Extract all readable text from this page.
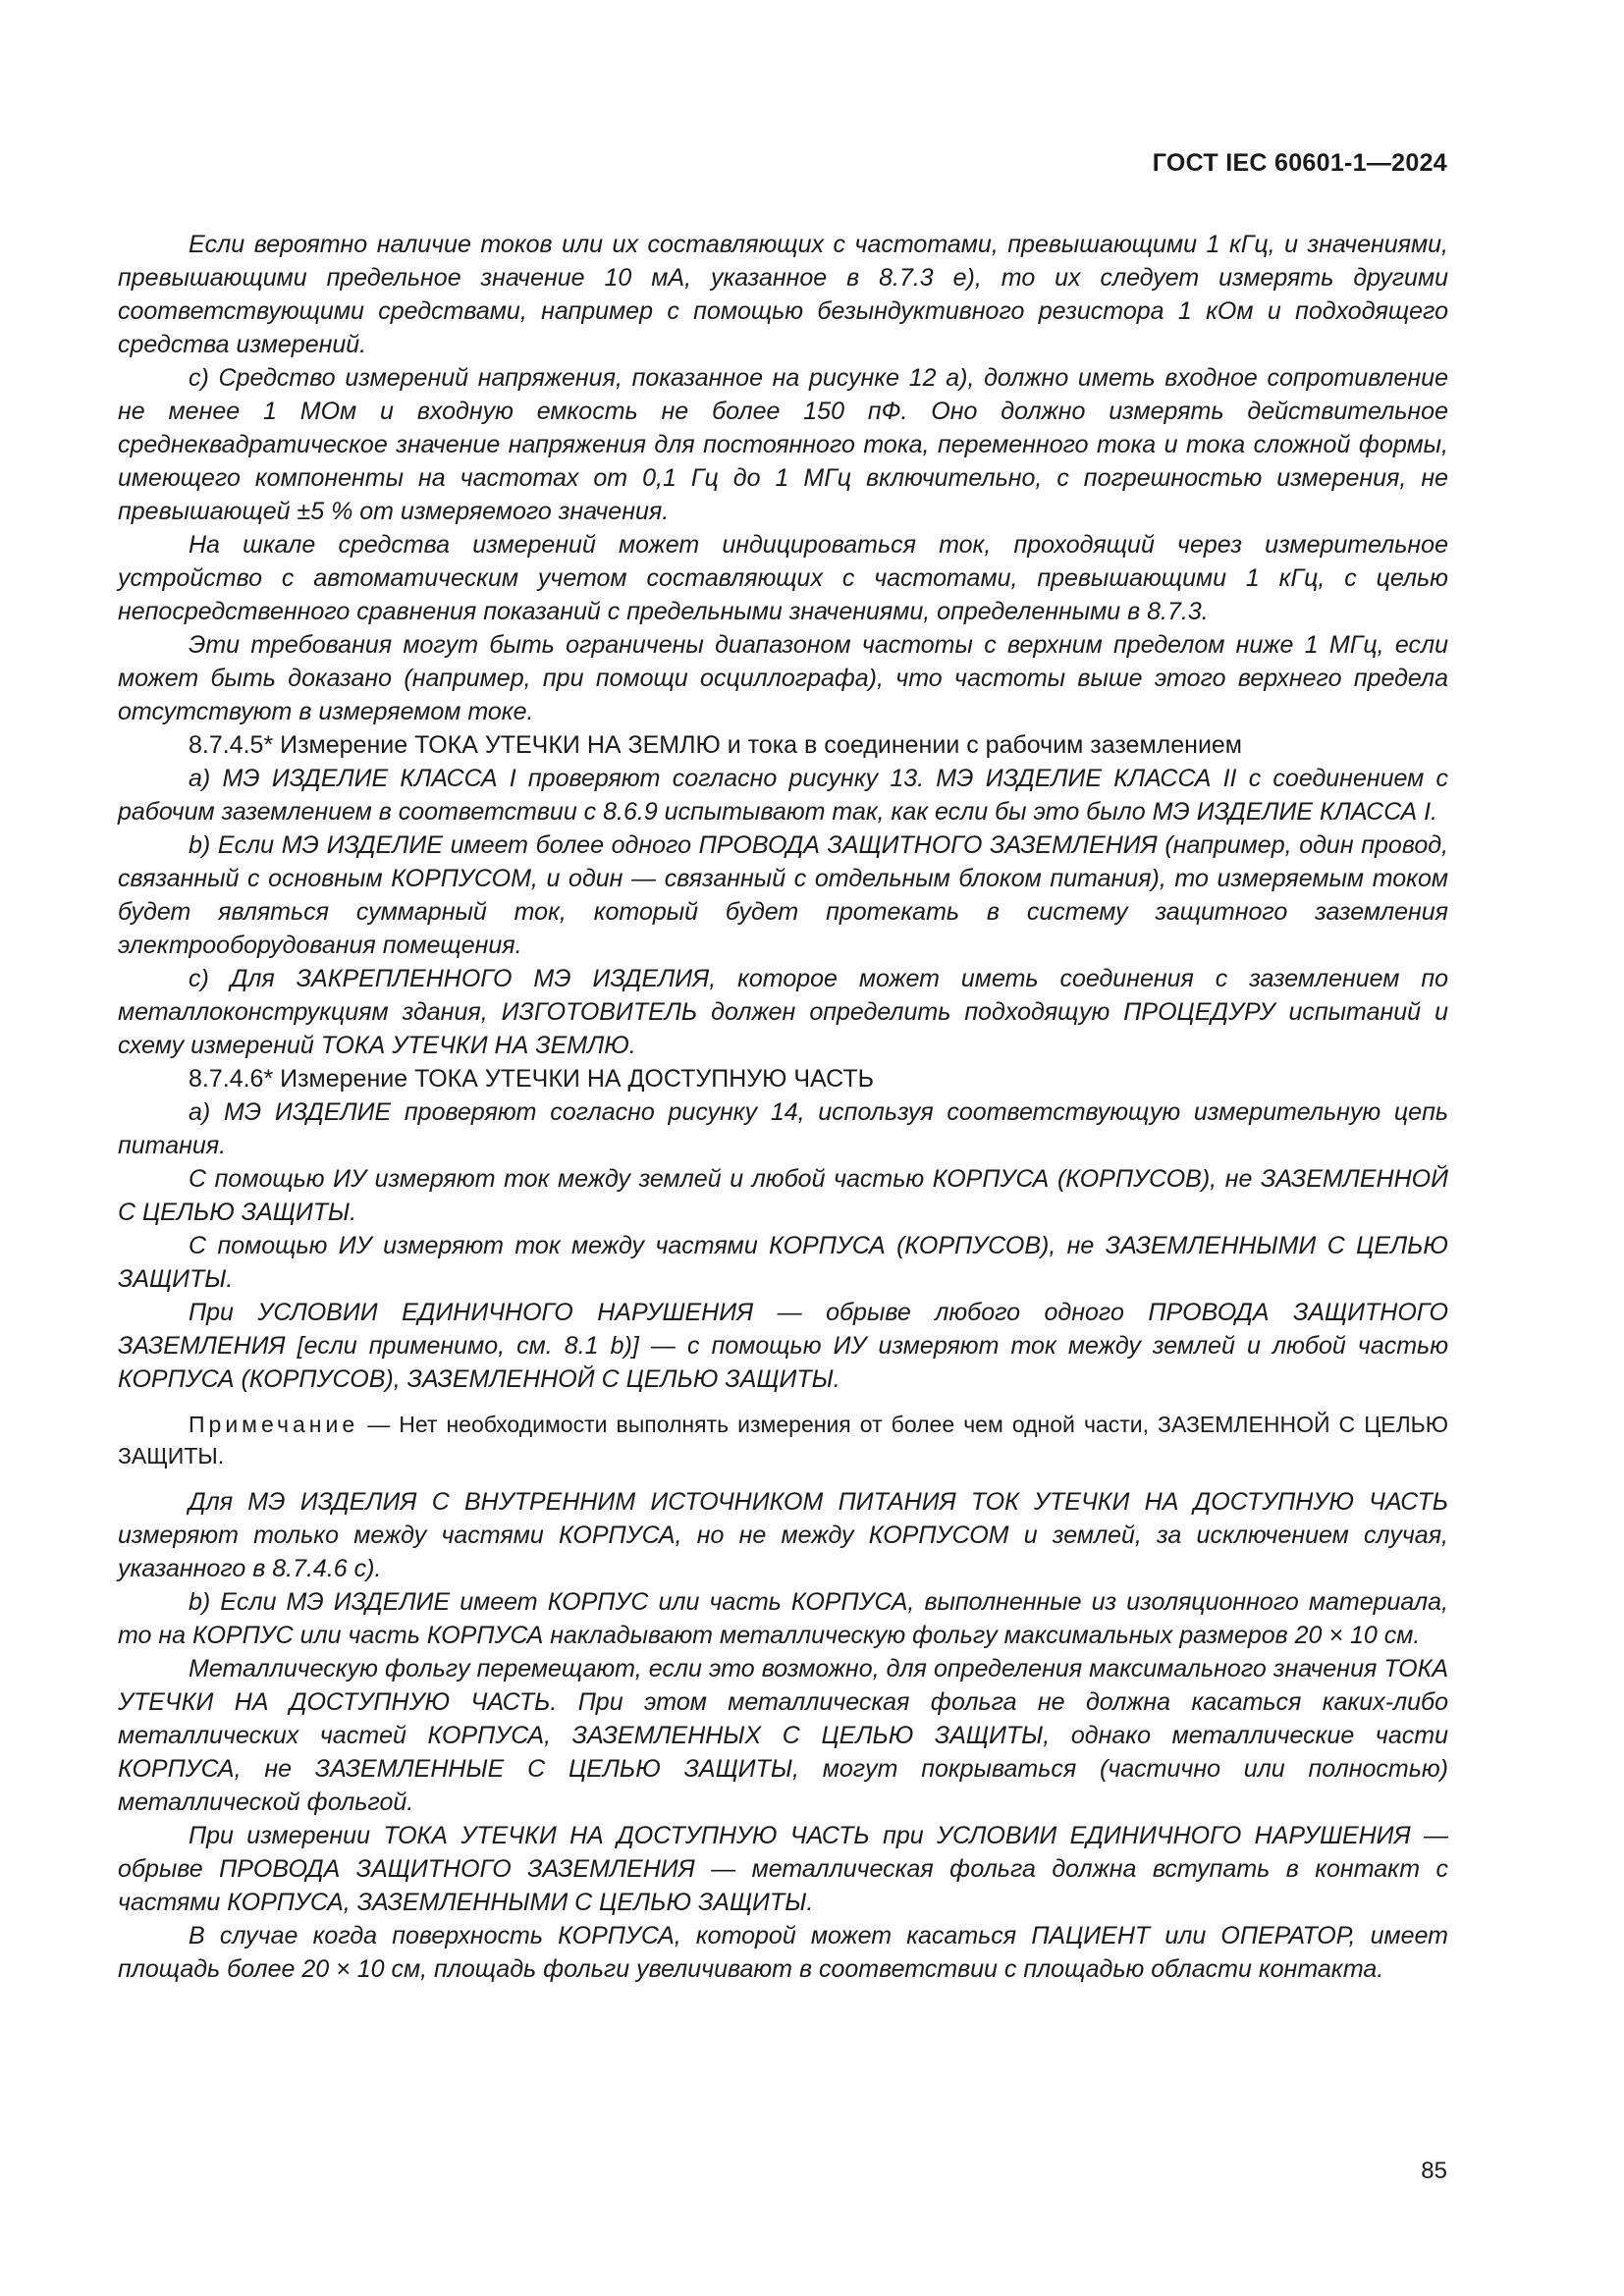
ГОСТ IEC 60601-1—2024

Если вероятно наличие токов или их составляющих с частотами, превышающими 1 кГц, и значениями, превышающими предельное значение 10 мА, указанное в 8.7.3 е), то их следует измерять другими соответствующими средствами, например с помощью безындуктивного резистора 1 кОм и подходящего средства измерений.

с) Средство измерений напряжения, показанное на рисунке 12 а), должно иметь входное сопротивление не менее 1 МОм и входную емкость не более 150 пФ. Оно должно измерять действительное среднеквадратическое значение напряжения для постоянного тока, переменного тока и тока сложной формы, имеющего компоненты на частотах от 0,1 Гц до 1 МГц включительно, с погрешностью измерения, не превышающей ±5 % от измеряемого значения.

На шкале средства измерений может индицироваться ток, проходящий через измерительное устройство с автоматическим учетом составляющих с частотами, превышающими 1 кГц, с целью непосредственного сравнения показаний с предельными значениями, определенными в 8.7.3.

Эти требования могут быть ограничены диапазоном частоты с верхним пределом ниже 1 МГц, если может быть доказано (например, при помощи осциллографа), что частоты выше этого верхнего предела отсутствуют в измеряемом токе.

8.7.4.5* Измерение ТОКА УТЕЧКИ НА ЗЕМЛЮ и тока в соединении с рабочим заземлением

а) МЭ ИЗДЕЛИЕ КЛАССА I проверяют согласно рисунку 13. МЭ ИЗДЕЛИЕ КЛАССА II с соединением с рабочим заземлением в соответствии с 8.6.9 испытывают так, как если бы это было МЭ ИЗДЕЛИЕ КЛАССА I.

b) Если МЭ ИЗДЕЛИЕ имеет более одного ПРОВОДА ЗАЩИТНОГО ЗАЗЕМЛЕНИЯ (например, один провод, связанный с основным КОРПУСОМ, и один — связанный с отдельным блоком питания), то измеряемым током будет являться суммарный ток, который будет протекать в систему защитного заземления электрооборудования помещения.

с) Для ЗАКРЕПЛЕННОГО МЭ ИЗДЕЛИЯ, которое может иметь соединения с заземлением по металлоконструкциям здания, ИЗГОТОВИТЕЛЬ должен определить подходящую ПРОЦЕДУРУ испытаний и схему измерений ТОКА УТЕЧКИ НА ЗЕМЛЮ.

8.7.4.6* Измерение ТОКА УТЕЧКИ НА ДОСТУПНУЮ ЧАСТЬ

а) МЭ ИЗДЕЛИЕ проверяют согласно рисунку 14, используя соответствующую измерительную цепь питания.

С помощью ИУ измеряют ток между землей и любой частью КОРПУСА (КОРПУСОВ), не ЗАЗЕМЛЕННОЙ С ЦЕЛЬЮ ЗАЩИТЫ.

С помощью ИУ измеряют ток между частями КОРПУСА (КОРПУСОВ), не ЗАЗЕМЛЕННЫМИ С ЦЕЛЬЮ ЗАЩИТЫ.

При УСЛОВИИ ЕДИНИЧНОГО НАРУШЕНИЯ — обрыве любого одного ПРОВОДА ЗАЩИТНОГО ЗАЗЕМЛЕНИЯ [если применимо, см. 8.1 b)] — с помощью ИУ измеряют ток между землей и любой частью КОРПУСА (КОРПУСОВ), ЗАЗЕМЛЕННОЙ С ЦЕЛЬЮ ЗАЩИТЫ.

Примечание — Нет необходимости выполнять измерения от более чем одной части, ЗАЗЕМЛЕННОЙ С ЦЕЛЬЮ ЗАЩИТЫ.

Для МЭ ИЗДЕЛИЯ С ВНУТРЕННИМ ИСТОЧНИКОМ ПИТАНИЯ ТОК УТЕЧКИ НА ДОСТУПНУЮ ЧАСТЬ измеряют только между частями КОРПУСА, но не между КОРПУСОМ и землей, за исключением случая, указанного в 8.7.4.6 с).

b) Если МЭ ИЗДЕЛИЕ имеет КОРПУС или часть КОРПУСА, выполненные из изоляционного материала, то на КОРПУС или часть КОРПУСА накладывают металлическую фольгу максимальных размеров 20 × 10 см.

Металлическую фольгу перемещают, если это возможно, для определения максимального значения ТОКА УТЕЧКИ НА ДОСТУПНУЮ ЧАСТЬ. При этом металлическая фольга не должна касаться каких-либо металлических частей КОРПУСА, ЗАЗЕМЛЕННЫХ С ЦЕЛЬЮ ЗАЩИТЫ, однако металлические части КОРПУСА, не ЗАЗЕМЛЕННЫЕ С ЦЕЛЬЮ ЗАЩИТЫ, могут покрываться (частично или полностью) металлической фольгой.

При измерении ТОКА УТЕЧКИ НА ДОСТУПНУЮ ЧАСТЬ при УСЛОВИИ ЕДИНИЧНОГО НАРУШЕНИЯ — обрыве ПРОВОДА ЗАЩИТНОГО ЗАЗЕМЛЕНИЯ — металлическая фольга должна вступать в контакт с частями КОРПУСА, ЗАЗЕМЛЕННЫМИ С ЦЕЛЬЮ ЗАЩИТЫ.

В случае когда поверхность КОРПУСА, которой может касаться ПАЦИЕНТ или ОПЕРАТОР, имеет площадь более 20 × 10 см, площадь фольги увеличивают в соответствии с площадью области контакта.

85
